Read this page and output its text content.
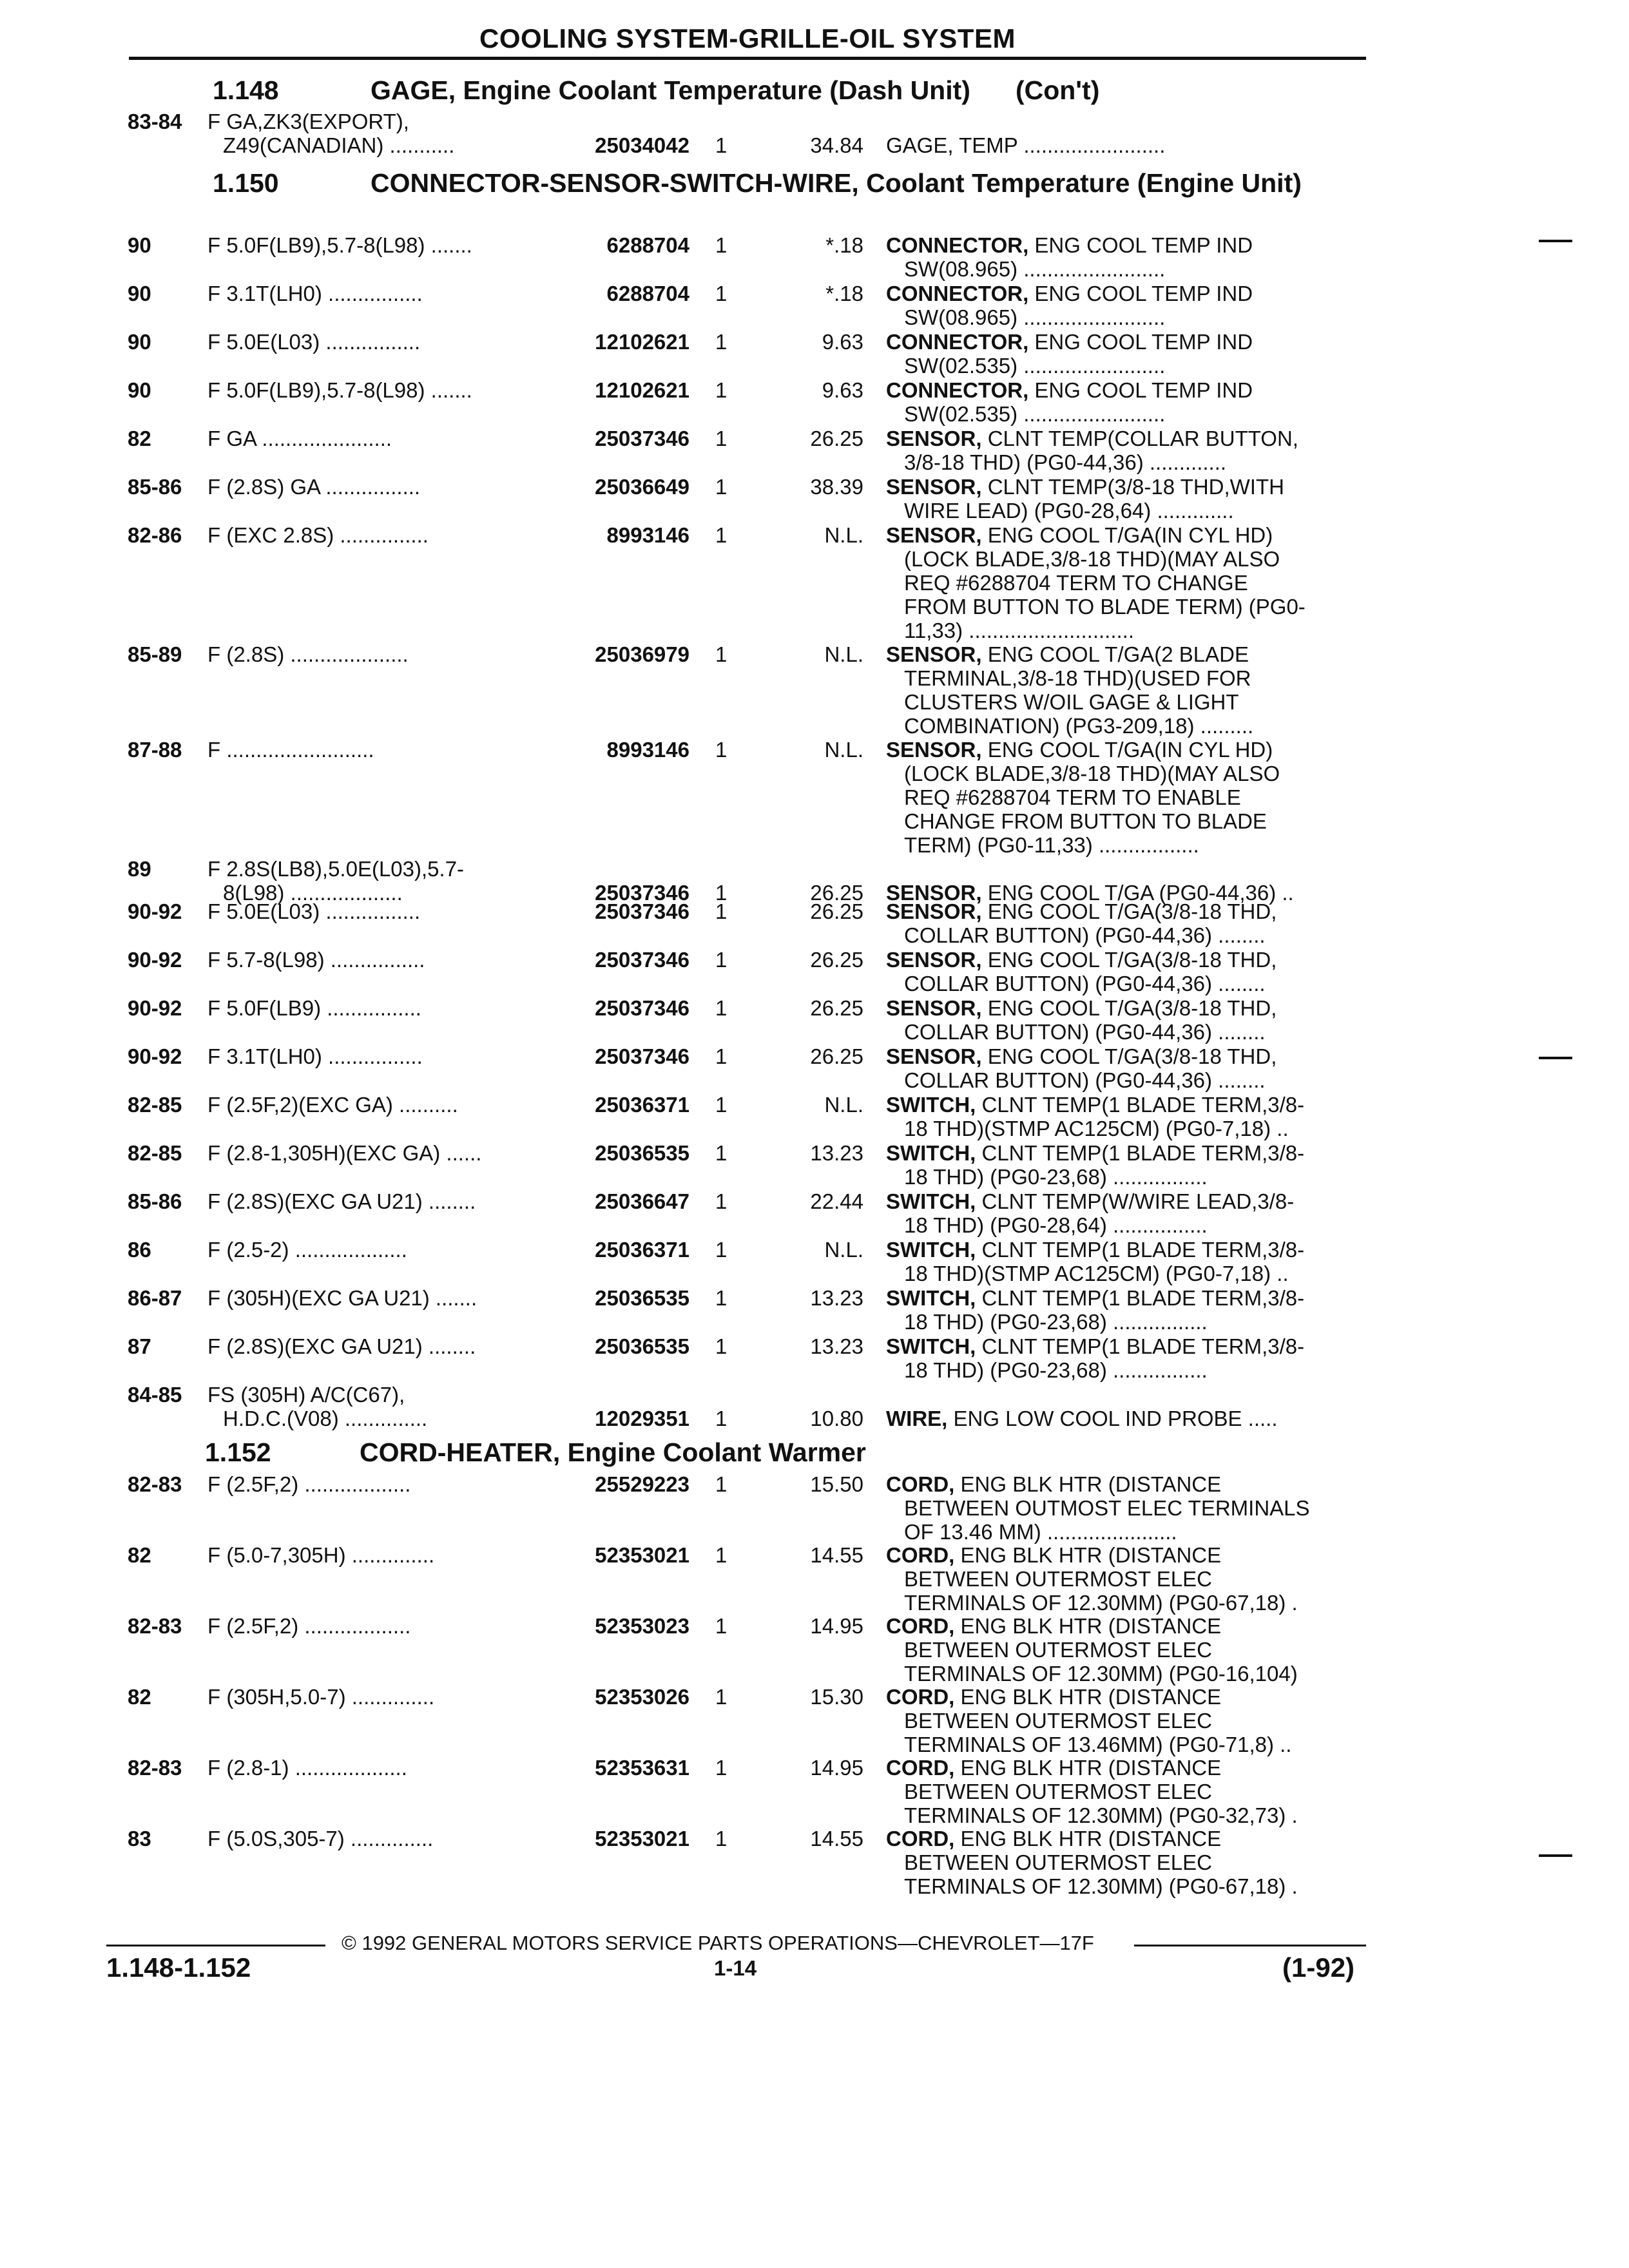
COOLING SYSTEM-GRILLE-OIL SYSTEM
1.148	GAGE, Engine Coolant Temperature (Dash Unit) (Con't)
1.150	CONNECTOR-SENSOR-SWITCH-WIRE, Coolant Temperature (Engine Unit)
1.152	CORD-HEATER, Engine Coolant Warmer
83-84 F GA,ZK3(EXPORT),
Z49(CANADIAN) ...........	25034042 1	34.84 GAGE, TEMP ........................
90	F 5.0F(LB9),5.7-8(L98) .......	6288704 1	*.18 CONNECTOR, ENG COOL TEMP IND
SW(08.965) ........................
90	F 3.1T(LH0) ................	6288704 1	*.18 CONNECTOR, ENG COOL TEMP IND
SW(08.965) ........................
90	F 5.0E(L03) ................	12102621 1	9.63 CONNECTOR, ENG COOL TEMP IND
SW(02.535) ........................
90	F 5.0F(LB9),5.7-8(L98) .......	12102621 1	9.63 CONNECTOR, ENG COOL TEMP IND
SW(02.535) ........................
82	F GA ......................	25037346 1	26.25 SENSOR, CLNT TEMP(COLLAR BUTTON,
3/8-18 THD) (PG0-44,36) .............
85-86 F (2.8S) GA ................	25036649 1	38.39 SENSOR, CLNT TEMP(3/8-18 THD,WITH
WIRE LEAD) (PG0-28,64) .............
82-86 F (EXC 2.8S) ...............	8993146 1	N.L. SENSOR, ENG COOL T/GA(IN CYL HD)
(LOCK BLADE,3/8-18 THD)(MAY ALSO
REQ #6288704 TERM TO CHANGE
FROM BUTTON TO BLADE TERM) (PG0-
11,33) ............................
85-89 F (2.8S) ....................	25036979 1	N.L. SENSOR, ENG COOL T/GA(2 BLADE
TERMINAL,3/8-18 THD)(USED FOR
CLUSTERS W/OIL GAGE & LIGHT
COMBINATION) (PG3-209,18) .........
87-88 F .........................	8993146 1	N.L. SENSOR, ENG COOL T/GA(IN CYL HD)
(LOCK BLADE,3/8-18 THD)(MAY ALSO
REQ #6288704 TERM TO ENABLE
CHANGE FROM BUTTON TO BLADE
TERM) (PG0-11,33) .................
89	F 2.8S(LB8),5.0E(L03),5.7-
8(L98) ...................	25037346 1	26.25 SENSOR, ENG COOL T/GA (PG0-44,36) ..
90-92 F 5.0E(L03) ................	25037346 1	26.25 SENSOR, ENG COOL T/GA(3/8-18 THD,
COLLAR BUTTON) (PG0-44,36) ........
90-92 F 5.7-8(L98) ................	25037346 1	26.25 SENSOR, ENG COOL T/GA(3/8-18 THD,
COLLAR BUTTON) (PG0-44,36) ........
90-92 F 5.0F(LB9) ................	25037346 1	26.25 SENSOR, ENG COOL T/GA(3/8-18 THD,
COLLAR BUTTON) (PG0-44,36) ........
90-92 F 3.1T(LH0) ................	25037346 1	26.25 SENSOR, ENG COOL T/GA(3/8-18 THD,
COLLAR BUTTON) (PG0-44,36) ........
82-85 F (2.5F,2)(EXC GA) ..........	25036371 1	N.L. SWITCH, CLNT TEMP(1 BLADE TERM,3/8-
18 THD)(STMP AC125CM) (PG0-7,18) ..
82-85 F (2.8-1,305H)(EXC GA) ......	25036535 1	13.23 SWITCH, CLNT TEMP(1 BLADE TERM,3/8-
18 THD) (PG0-23,68) ................
85-86 F (2.8S)(EXC GA U21) ........	25036647 1	22.44 SWITCH, CLNT TEMP(W/WIRE LEAD,3/8-
18 THD) (PG0-28,64) ................
86	F (2.5-2) ...................	25036371 1	N.L. SWITCH, CLNT TEMP(1 BLADE TERM,3/8-
18 THD)(STMP AC125CM) (PG0-7,18) ..
86-87 F (305H)(EXC GA U21) .......	25036535 1	13.23 SWITCH, CLNT TEMP(1 BLADE TERM,3/8-
18 THD) (PG0-23,68) ................
87	F (2.8S)(EXC GA U21) ........	25036535 1	13.23 SWITCH, CLNT TEMP(1 BLADE TERM,3/8-
18 THD) (PG0-23,68) ................
84-85 FS (305H) A/C(C67),
H.D.C.(V08) ..............	12029351 1	10.80 WIRE, ENG LOW COOL IND PROBE .....
82-83 F (2.5F,2) ..................	25529223 1	15.50 CORD, ENG BLK HTR (DISTANCE
BETWEEN OUTMOST ELEC TERMINALS
OF 13.46 MM) ......................
82	F (5.0-7,305H) ..............	52353021 1	14.55 CORD, ENG BLK HTR (DISTANCE
BETWEEN OUTERMOST ELEC
TERMINALS OF 12.30MM) (PG0-67,18) .
82-83 F (2.5F,2) ..................	52353023 1	14.95 CORD, ENG BLK HTR (DISTANCE
BETWEEN OUTERMOST ELEC
TERMINALS OF 12.30MM) (PG0-16,104)
82	F (305H,5.0-7) ..............	52353026 1	15.30 CORD, ENG BLK HTR (DISTANCE
BETWEEN OUTERMOST ELEC
TERMINALS OF 13.46MM) (PG0-71,8) ..
82-83 F (2.8-1) ...................	52353631 1	14.95 CORD, ENG BLK HTR (DISTANCE
BETWEEN OUTERMOST ELEC
TERMINALS OF 12.30MM) (PG0-32,73) .
83	F (5.0S,305-7) ..............	52353021 1	14.55 CORD, ENG BLK HTR (DISTANCE
BETWEEN OUTERMOST ELEC
TERMINALS OF 12.30MM) (PG0-67,18) .
© 1992 GENERAL MOTORS SERVICE PARTS OPERATIONS—CHEVROLET—17F
1.148-1.152	1-14	(1-92)
